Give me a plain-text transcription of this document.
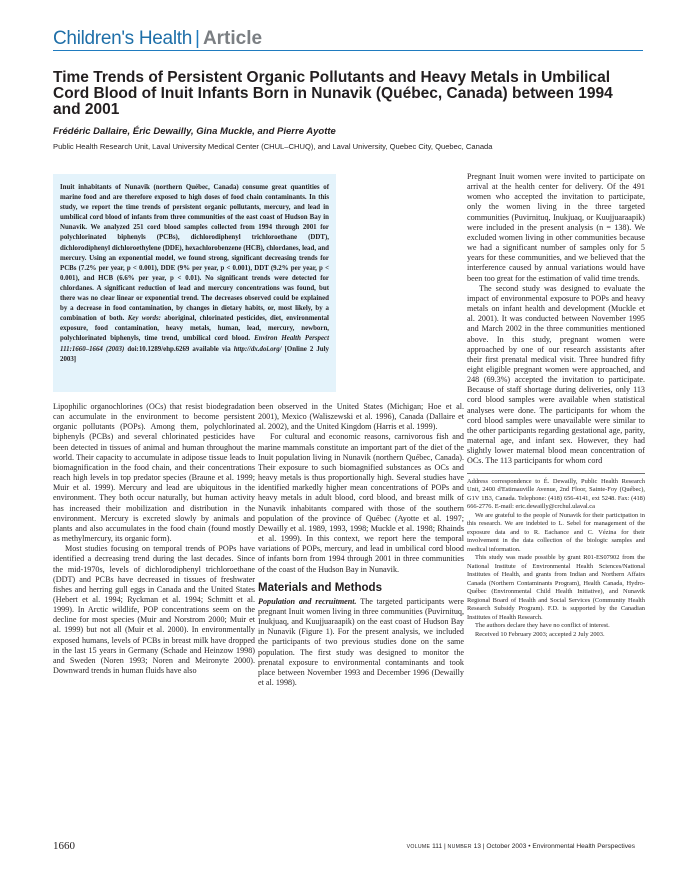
Children's Health | Article
Time Trends of Persistent Organic Pollutants and Heavy Metals in Umbilical Cord Blood of Inuit Infants Born in Nunavik (Québec, Canada) between 1994 and 2001
Frédéric Dallaire, Éric Dewailly, Gina Muckle, and Pierre Ayotte
Public Health Research Unit, Laval University Medical Center (CHUL–CHUQ), and Laval University, Quebec City, Quebec, Canada
Inuit inhabitants of Nunavik (northern Québec, Canada) consume great quantities of marine food and are therefore exposed to high doses of food chain contaminants. In this study, we report the time trends of persistent organic pollutants, mercury, and lead in umbilical cord blood of infants from three communities of the east coast of Hudson Bay in Nunavik. We analyzed 251 cord blood samples collected from 1994 through 2001 for polychlorinated biphenyls (PCBs), dichlorodiphenyl trichloroethane (DDT), dichlorodiphenyl dichloroethylene (DDE), hexachlorobenzene (HCB), chlordanes, lead, and mercury. Using an exponential model, we found strong, significant decreasing trends for PCBs (7.2% per year, p < 0.001), DDE (9% per year, p < 0.001), DDT (9.2% per year, p < 0.001), and HCB (6.6% per year, p < 0.01). No significant trends were detected for chlordanes. A significant reduction of lead and mercury concentrations was found, but there was no clear linear or exponential trend. The decreases observed could be explained by a decrease in food contamination, by changes in dietary habits, or, most likely, by a combination of both. Key words: aboriginal, chlorinated pesticides, diet, environmental exposure, food contamination, heavy metals, human, lead, mercury, newborn, polychlorinated biphenyls, time trend, umbilical cord blood. Environ Health Perspect 111:1660–1664 (2003) doi:10.1289/ehp.6269 available via http://dx.doi.org/ [Online 2 July 2003]

Lipophilic organochlorines (OCs) that resist biodegradation can accumulate in the environment to become persistent organic pollutants (POPs). Among them, polychlorinated biphenyls (PCBs) and several chlorinated pesticides have been detected in tissues of animal and human throughout the world. Their capacity to accumulate in adipose tissue leads to biomagnification in the food chain, and their concentrations reach high levels in top predator species (Braune et al. 1999; Muir et al. 1999). Mercury and lead are ubiquitous in the environment. They both occur naturally, but human activity has increased their mobilization and distribution in the environment. Mercury is excreted slowly by animals and plants and also accumulates in the food chain (found mostly as methylmercury, its organic form).

Most studies focusing on temporal trends of POPs have identified a decreasing trend during the last decades. Since the mid-1970s, levels of dichlorodiphenyl trichloroethane (DDT) and PCBs have decreased in tissues of freshwater fishes and herring gull eggs in Canada and the United States (Hebert et al. 1994; Ryckman et al. 1994; Schmitt et al. 1999). In Arctic wildlife, POP concentrations seem on the decline for most species (Muir and Norstrom 2000; Muir et al. 1999) but not all (Muir et al. 2000). In environmentally exposed humans, levels of PCBs in breast milk have dropped in the last 15 years in Germany (Schade and Heinzow 1998) and Sweden (Noren 1993; Noren and Meironyte 2000). Downward trends in human fluids have also

been observed in the United States (Michigan; Hoe et al. 2001), Mexico (Waliszewski et al. 1996), Canada (Dallaire et al. 2002), and the United Kingdom (Harris et al. 1999).

For cultural and economic reasons, carnivorous fish and marine mammals constitute an important part of the diet of the Inuit population living in Nunavik (northern Québec, Canada). Their exposure to such biomagnified substances as OCs and heavy metals is thus proportionally high. Several studies have identified markedly higher mean concentrations of POPs and heavy metals in adult blood, cord blood, and breast milk of Nunavik inhabitants compared with those of the southern population of the province of Québec (Ayotte et al. 1997; Dewailly et al. 1989, 1993, 1998; Muckle et al. 1998; Rhainds et al. 1999). In this context, we report here the temporal variations of POPs, mercury, and lead in umbilical cord blood of infants born from 1994 through 2001 in three communities of the coast of the Hudson Bay in Nunavik.

Materials and Methods

Population and recruitment. The targeted participants were pregnant Inuit women living in three communities (Puvirnituq, Inukjuaq, and Kuujjuaraapik) on the east coast of Hudson Bay in Nunavik (Figure 1). For the present analysis, we included the participants of two previous studies done on the same population. The first study was designed to monitor the prenatal exposure to environmental contaminants and took place between November 1993 and December 1996 (Dewailly et al. 1998).

Pregnant Inuit women were invited to participate on arrival at the health center for delivery. Of the 491 women who accepted the invitation to participate, only the women living in the three targeted communities (Puvirnituq, Inukjuaq, or Kuujjuaraapik) were included in the present analysis (n = 138). We excluded women living in other communities because we had a significant number of samples only for 5 years for these communities, and we believed that the interference caused by annual variations would have been too great for the estimation of valid time trends.

The second study was designed to evaluate the impact of environmental exposure to POPs and heavy metals on infant health and development (Muckle et al. 2001). It was conducted between November 1995 and March 2002 in the three communities mentioned above. In this study, pregnant women were approached by one of our research assistants after their first prenatal medical visit. Three hundred fifty eight eligible pregnant women were approached, and 248 (69.3%) accepted the invitation to participate. Because of staff shortage during deliveries, only 113 cord blood samples were available when statistical analyses were done. The participants for whom the cord blood samples were unavailable were similar to the other participants regarding gestational age, parity, maternal age, and infant sex. However, they had slightly lower maternal blood mean concentration of OCs. The 113 participants for whom cord

Address correspondence to É. Dewailly, Public Health Research Unit, 2400 d'Estimauville Avenue, 2nd Floor, Sainte-Foy (Québec), G1V 1B3, Canada. Telephone: (418) 656-4141, ext 5248. Fax: (418) 666-2776. E-mail: eric.dewailly@crchul.ulaval.ca

We are grateful to the people of Nunavik for their participation in this research. We are indebted to L. Sebel for management of the exposure data and to R. Eachance and C. Vézina for their involvement in the data collection of the biologic samples and medical information.

This study was made possible by grant R01-ES07902 from the National Institute of Environmental Health Sciences/National Institutes of Health, and grants from Indian and Northern Affairs Canada (Northern Contaminants Program), Health Canada, Hydro-Québec (Environmental Child Health Initiative), and Nunavik Regional Board of Health and Social Services (Community Health Research Subsidy Program). F.D. is supported by the Canadian Institutes of Health Research.

The authors declare they have no conflict of interest.

Received 10 February 2003; accepted 2 July 2003.

1660	VOLUME 111 | NUMBER 13 | October 2003 • Environmental Health Perspectives
